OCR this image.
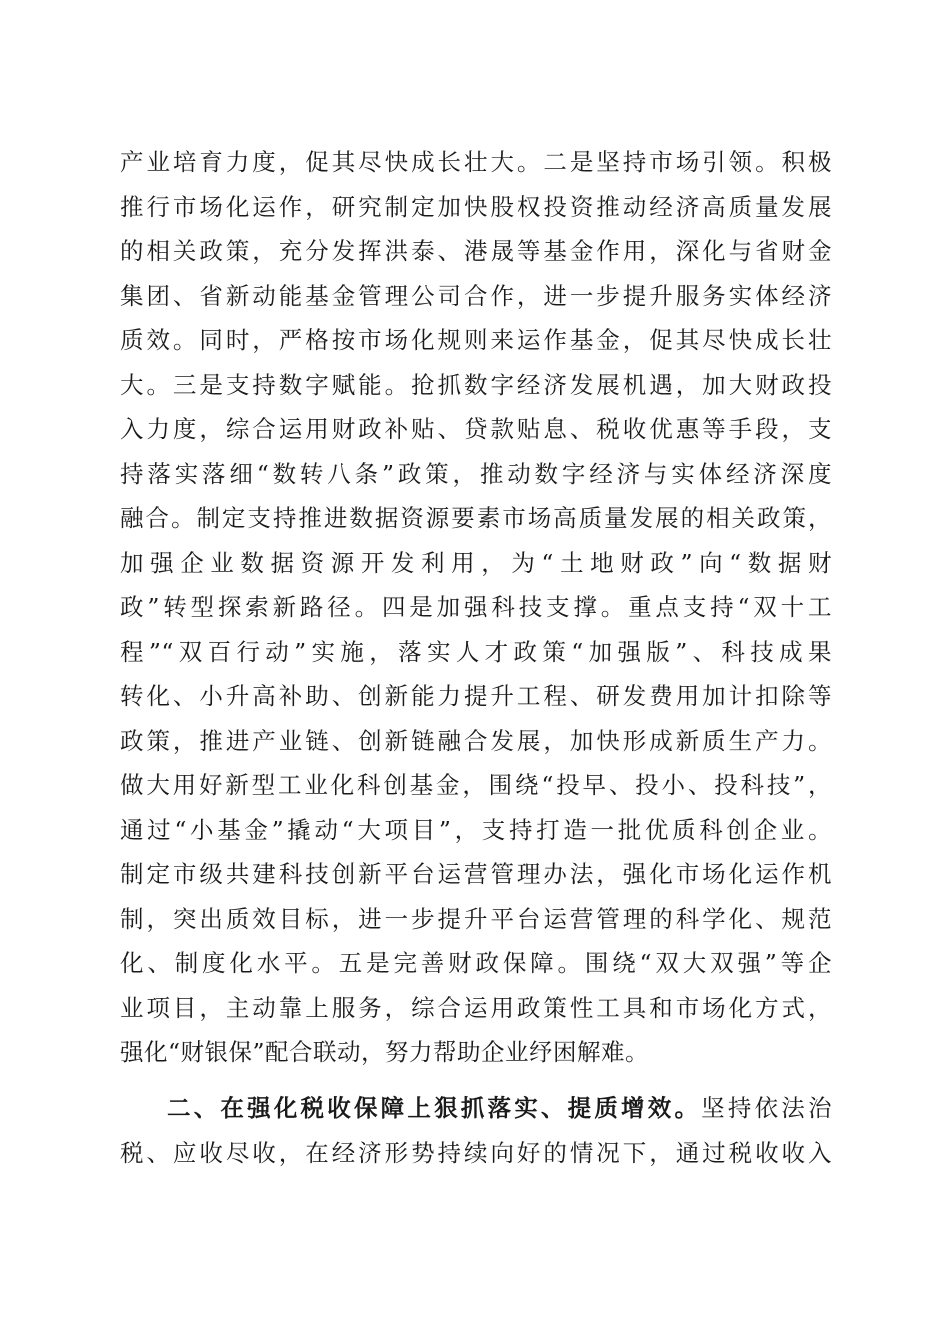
产业培育力度，促其尽快成长壮大。二是坚持市场引领。积极
推行市场化运作，研究制定加快股权投资推动经济高质量发展
的相关政策，充分发挥洪泰、港晟等基金作用，深化与省财金
集团、省新动能基金管理公司合作，进一步提升服务实体经济
质效。同时，严格按市场化规则来运作基金，促其尽快成长壮
大。三是支持数字赋能。抢抓数字经济发展机遇，加大财政投
入力度，综合运用财政补贴、贷款贴息、税收优惠等手段，支
持落实落细“数转八条”政策，推动数字经济与实体经济深度
融合。制定支持推进数据资源要素市场高质量发展的相关政策，
加强企业数据资源开发利用，为“土地财政”向“数据财
政”转型探索新路径。四是加强科技支撑。重点支持“双十工
程”“双百行动”实施，落实人才政策“加强版”、科技成果
转化、小升高补助、创新能力提升工程、研发费用加计扣除等
政策，推进产业链、创新链融合发展，加快形成新质生产力。
做大用好新型工业化科创基金，围绕“投早、投小、投科技”，
通过“小基金”撬动“大项目”，支持打造一批优质科创企业。
制定市级共建科技创新平台运营管理办法，强化市场化运作机
制，突出质效目标，进一步提升平台运营管理的科学化、规范
化、制度化水平。五是完善财政保障。围绕“双大双强”等企
业项目，主动靠上服务，综合运用政策性工具和市场化方式，
强化“财银保”配合联动，努力帮助企业纾困解难。
二、在强化税收保障上狠抓落实、提质增效。坚持依法治
税、应收尽收，在经济形势持续向好的情况下，通过税收收入
